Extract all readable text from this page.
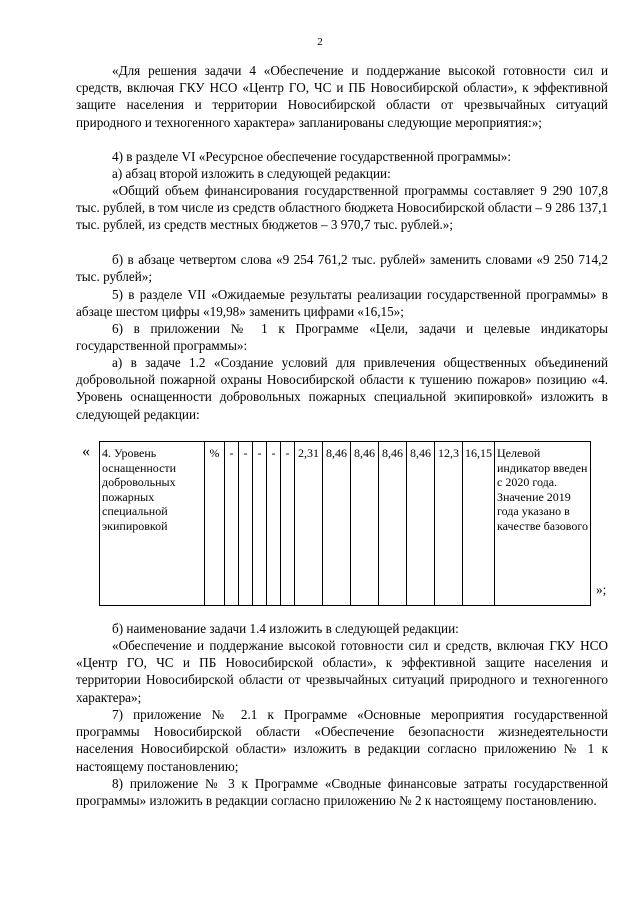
2

«Для решения задачи 4 «Обеспечение и поддержание высокой готовности сил и средств, включая ГКУ НСО «Центр ГО, ЧС и ПБ Новосибирской области», к эффективной защите населения и территории Новосибирской области от чрезвычайных ситуаций природного и техногенного характера» запланированы следующие мероприятия:»;

4) в разделе VI «Ресурсное обеспечение государственной программы»:

а) абзац второй изложить в следующей редакции:

«Общий объем финансирования государственной программы составляет 9 290 107,8 тыс. рублей, в том числе из средств областного бюджета Новосибирской области – 9 286 137,1 тыс. рублей, из средств местных бюджетов – 3 970,7 тыс. рублей.»;

б) в абзаце четвертом слова «9 254 761,2 тыс. рублей» заменить словами «9 250 714,2 тыс. рублей»;

5) в разделе VII «Ожидаемые результаты реализации государственной программы» в абзаце шестом цифры «19,98» заменить цифрами «16,15»;

6) в приложении № 1 к Программе «Цели, задачи и целевые индикаторы государственной программы»:

а) в задаче 1.2 «Создание условий для привлечения общественных объединений добровольной пожарной охраны Новосибирской области к тушению пожаров» позицию «4. Уровень оснащенности добровольных пожарных специальной экипировкой» изложить в следующей редакции:

« 4. Уровень оснащенности добровольных пожарных специальной экипировкой	%	-	-	-	-	-	2,31	8,46	8,46	8,46	8,46	12,3	16,15	Целевой индикатор введен с 2020 года. Значение 2019 года указано в качестве базового
»;

б) наименование задачи 1.4 изложить в следующей редакции:

«Обеспечение и поддержание высокой готовности сил и средств, включая ГКУ НСО «Центр ГО, ЧС и ПБ Новосибирской области», к эффективной защите населения и территории Новосибирской области от чрезвычайных ситуаций природного и техногенного характера»;

7) приложение № 2.1 к Программе «Основные мероприятия государственной программы Новосибирской области «Обеспечение безопасности жизнедеятельности населения Новосибирской области» изложить в редакции согласно приложению № 1 к настоящему постановлению;

8) приложение № 3 к Программе «Сводные финансовые затраты государственной программы» изложить в редакции согласно приложению № 2 к настоящему постановлению.
